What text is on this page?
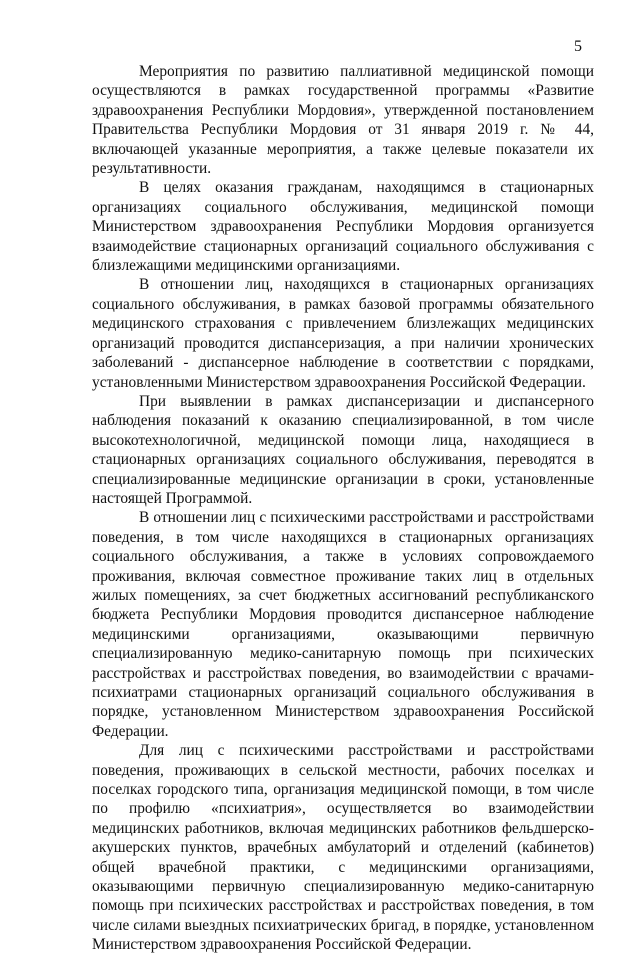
5

Мероприятия по развитию паллиативной медицинской помощи осуществляются в рамках государственной программы «Развитие здравоохранения Республики Мордовия», утвержденной постановлением Правительства Республики Мордовия от 31 января 2019 г. № 44, включающей указанные мероприятия, а также целевые показатели их результативности.

В целях оказания гражданам, находящимся в стационарных организациях социального обслуживания, медицинской помощи Министерством здравоохранения Республики Мордовия организуется взаимодействие стационарных организаций социального обслуживания с близлежащими медицинскими организациями.

В отношении лиц, находящихся в стационарных организациях социального обслуживания, в рамках базовой программы обязательного медицинского страхования с привлечением близлежащих медицинских организаций проводится диспансеризация, а при наличии хронических заболеваний - диспансерное наблюдение в соответствии с порядками, установленными Министерством здравоохранения Российской Федерации.

При выявлении в рамках диспансеризации и диспансерного наблюдения показаний к оказанию специализированной, в том числе высокотехнологичной, медицинской помощи лица, находящиеся в стационарных организациях социального обслуживания, переводятся в специализированные медицинские организации в сроки, установленные настоящей Программой.

В отношении лиц с психическими расстройствами и расстройствами поведения, в том числе находящихся в стационарных организациях социального обслуживания, а также в условиях сопровождаемого проживания, включая совместное проживание таких лиц в отдельных жилых помещениях, за счет бюджетных ассигнований республиканского бюджета Республики Мордовия проводится диспансерное наблюдение медицинскими организациями, оказывающими первичную специализированную медико-санитарную помощь при психических расстройствах и расстройствах поведения, во взаимодействии с врачами-психиатрами стационарных организаций социального обслуживания в порядке, установленном Министерством здравоохранения Российской Федерации.

Для лиц с психическими расстройствами и расстройствами поведения, проживающих в сельской местности, рабочих поселках и поселках городского типа, организация медицинской помощи, в том числе по профилю «психиатрия», осуществляется во взаимодействии медицинских работников, включая медицинских работников фельдшерско-акушерских пунктов, врачебных амбулаторий и отделений (кабинетов) общей врачебной практики, с медицинскими организациями, оказывающими первичную специализированную медико-санитарную помощь при психических расстройствах и расстройствах поведения, в том числе силами выездных психиатрических бригад, в порядке, установленном Министерством здравоохранения Российской Федерации.
